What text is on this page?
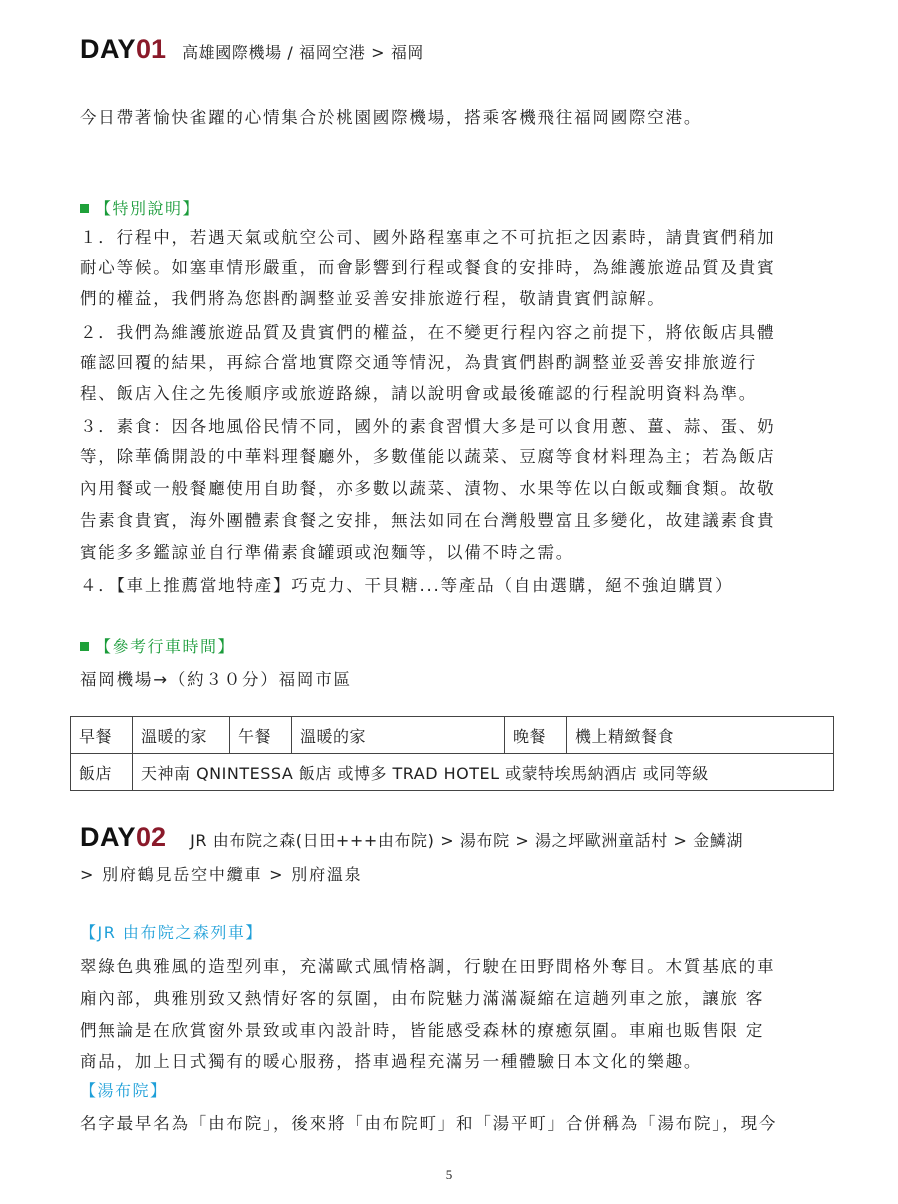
DAY01 高雄國際機場 / 福岡空港 > 福岡
今日帶著愉快雀躍的心情集合於桃園國際機場，搭乘客機飛往福岡國際空港。
【特別說明】
１．行程中，若遇天氣或航空公司、國外路程塞車之不可抗拒之因素時，請貴賓們稍加
耐心等候。如塞車情形嚴重，而會影響到行程或餐食的安排時，為維護旅遊品質及貴賓
們的權益，我們將為您斟酌調整並妥善安排旅遊行程，敬請貴賓們諒解。
２．我們為維護旅遊品質及貴賓們的權益，在不變更行程內容之前提下，將依飯店具體
確認回覆的結果，再綜合當地實際交通等情況，為貴賓們斟酌調整並妥善安排旅遊行
程、飯店入住之先後順序或旅遊路線，請以說明會或最後確認的行程說明資料為準。
３．素食：因各地風俗民情不同，國外的素食習慣大多是可以食用蔥、薑、蒜、蛋、奶
等，除華僑開設的中華料理餐廳外，多數僅能以蔬菜、豆腐等食材料理為主；若為飯店
內用餐或一般餐廳使用自助餐，亦多數以蔬菜、漬物、水果等佐以白飯或麵食類。故敬
告素食貴賓，海外團體素食餐之安排，無法如同在台灣般豐富且多變化，故建議素食貴
賓能多多鑑諒並自行準備素食罐頭或泡麵等，以備不時之需。
４．【車上推薦當地特產】巧克力、干貝糖...等產品（自由選購，絕不強迫購買）
【參考行車時間】
福岡機場→（約３０分）福岡市區
早餐	溫暖的家	午餐	溫暖的家	晚餐	機上精緻餐食
飯店	天神南 QNINTESSA 飯店 或博多 TRAD HOTEL 或蒙特埃馬納酒店 或同等級				
DAY02 JR 由布院之森(日田+++由布院) > 湯布院 > 湯之坪歐洲童話村 > 金鱗湖
> 別府鶴見岳空中纜車 > 別府溫泉
【JR 由布院之森列車】
翠綠色典雅風的造型列車，充滿歐式風情格調，行駛在田野間格外奪目。木質基底的車
廂內部，典雅別致又熱情好客的氛圍，由布院魅力滿滿凝縮在這趟列車之旅，讓旅 客
們無論是在欣賞窗外景致或車內設計時，皆能感受森林的療癒氛圍。車廂也販售限 定
商品，加上日式獨有的暖心服務，搭車過程充滿另一種體驗日本文化的樂趣。
【湯布院】
名字最早名為「由布院」，後來將「由布院町」和「湯平町」合併稱為「湯布院」，現今
5
